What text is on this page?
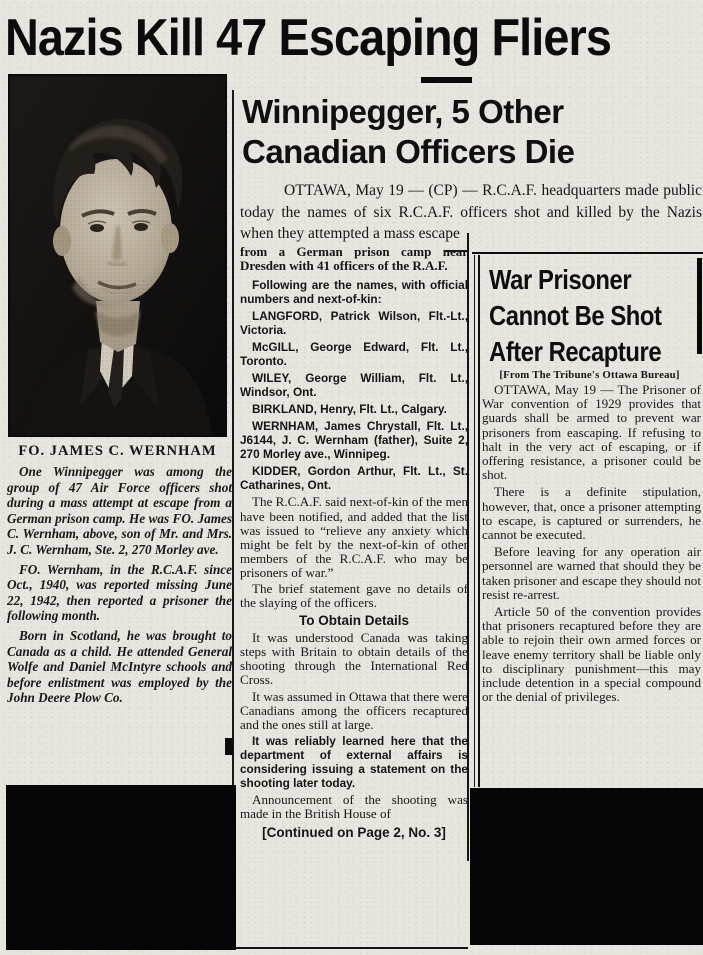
Nazis Kill 47 Escaping Fliers
FO. JAMES C. WERNHAM

One Winnipegger was among the group of 47 Air Force officers shot during a mass attempt at escape from a German prison camp. He was FO. James C. Wernham, above, son of Mr. and Mrs. J. C. Wernham, Ste. 2, 270 Morley ave.

FO. Wernham, in the R.C.A.F. since Oct., 1940, was reported missing June 22, 1942, then reported a prisoner the following month.

Born in Scotland, he was brought to Canada as a child. He attended General Wolfe and Daniel McIntyre schools and before enlistment was employed by the John Deere Plow Co.

Winnipegger, 5 Other
Canadian Officers Die

OTTAWA, May 19 — (CP) — R.C.A.F. headquarters made public today the names of six R.C.A.F. officers shot and killed by the Nazis when they attempted a mass escape

from a German prison camp near Dresden with 41 officers of the R.A.F.

Following are the names, with official numbers and next-of-kin:

LANGFORD, Patrick Wilson, Flt.-Lt., Victoria.

McGILL, George Edward, Flt. Lt., Toronto.

WILEY, George William, Flt. Lt., Windsor, Ont.

BIRKLAND, Henry, Flt. Lt., Calgary.

WERNHAM, James Chrystall, Flt. Lt., J6144, J. C. Wernham (father), Suite 2, 270 Morley ave., Winnipeg.

KIDDER, Gordon Arthur, Flt. Lt., St. Catharines, Ont.

The R.C.A.F. said next-of-kin of the men have been notified, and added that the list was issued to “relieve any anxiety which might be felt by the next-of-kin of other members of the R.C.A.F. who may be prisoners of war.”

The brief statement gave no details of the slaying of the officers.

To Obtain Details

It was understood Canada was taking steps with Britain to obtain details of the shooting through the International Red Cross.

It was assumed in Ottawa that there were Canadians among the officers recaptured and the ones still at large.

It was reliably learned here that the department of external affairs is considering issuing a statement on the shooting later today.

Announcement of the shooting was made in the British House of

[Continued on Page 2, No. 3]

War Prisoner
Cannot Be Shot
After Recapture

[From The Tribune's Ottawa Bureau]

OTTAWA, May 19 — The Prisoner of War convention of 1929 provides that guards shall be armed to prevent war prisoners from eascaping. If refusing to halt in the very act of escaping, or if offering resistance, a prisoner could be shot.

There is a definite stipulation, however, that, once a prisoner attempting to escape, is captured or surrenders, he cannot be executed.

Before leaving for any operation air personnel are warned that should they be taken prisoner and escape they should not resist re-arrest.

Article 50 of the convention provides that prisoners recaptured before they are able to rejoin their own armed forces or leave enemy territory shall be liable only to disciplinary punishment—this may include detention in a special compound or the denial of privileges.
